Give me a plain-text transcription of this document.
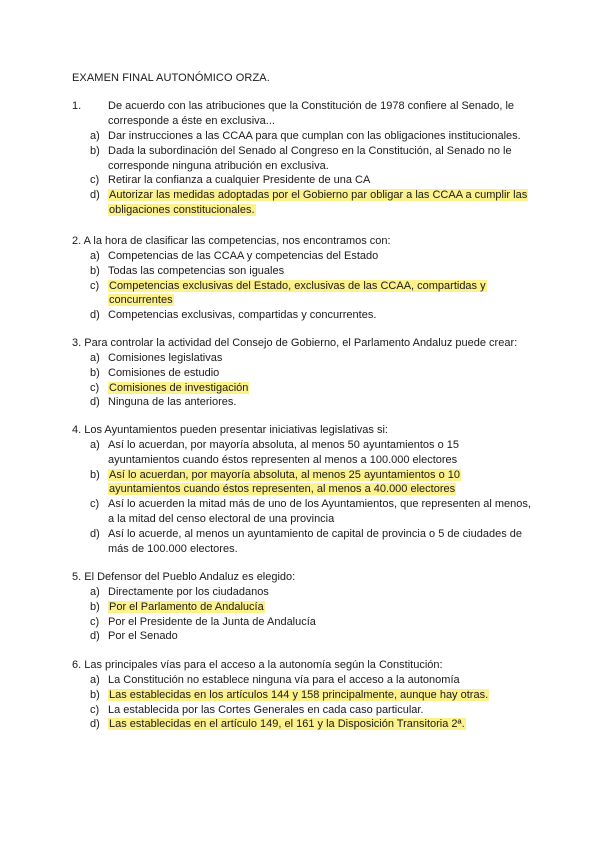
EXAMEN FINAL AUTONÓMICO ORZA.
1.	De acuerdo con las atribuciones que la Constitución de 1978 confiere al Senado, le corresponde a éste en exclusiva...
a) Dar instrucciones a las CCAA para que cumplan con las obligaciones institucionales.
b) Dada la subordinación del Senado al Congreso en la Constitución, al Senado no le corresponde ninguna atribución en exclusiva.
c) Retirar la confianza a cualquier Presidente de una CA
d) Autorizar las medidas adoptadas por el Gobierno par obligar a las CCAA a cumplir las obligaciones constitucionales.
2. A la hora de clasificar las competencias, nos encontramos con:
a) Competencias de las CCAA y competencias del Estado
b) Todas las competencias son iguales
c) Competencias exclusivas del Estado, exclusivas de las CCAA, compartidas y concurrentes
d) Competencias exclusivas, compartidas y concurrentes.
3. Para controlar la actividad del Consejo de Gobierno, el Parlamento Andaluz puede crear:
a) Comisiones legislativas
b) Comisiones de estudio
c) Comisiones de investigación
d) Ninguna de las anteriores.
4. Los Ayuntamientos pueden presentar iniciativas legislativas si:
a) Así lo acuerdan, por mayoría absoluta, al menos 50 ayuntamientos o 15 ayuntamientos cuando éstos representen al menos a 100.000 electores
b) Así lo acuerdan, por mayoría absoluta, al menos 25 ayuntamientos o 10 ayuntamientos cuando éstos representen, al menos a 40.000 electores
c) Así lo acuerden la mitad más de uno de los Ayuntamientos, que representen al menos, a la mitad del censo electoral de una provincia
d) Así lo acuerde, al menos un ayuntamiento de capital de provincia o 5 de ciudades de más de 100.000 electores.
5. El Defensor del Pueblo Andaluz es elegido:
a) Directamente por los ciudadanos
b) Por el Parlamento de Andalucía
c) Por el Presidente de la Junta de Andalucía
d) Por el Senado
6. Las principales vías para el acceso a la autonomía según la Constitución:
a) La Constitución no establece ninguna vía para el acceso a la autonomía
b) Las establecidas en los artículos 144 y 158 principalmente, aunque hay otras.
c) La establecida por las Cortes Generales en cada caso particular.
d) Las establecidas en el artículo 149, el 161 y la Disposición Transitoria 2ª.
